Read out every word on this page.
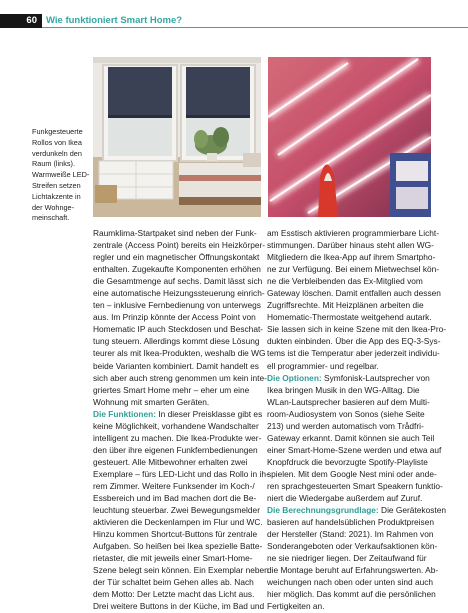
60 Wie funktioniert Smart Home?
Funkgesteuerte
Rollos von Ikea
verdunkeln den
Raum (links).
Warmweiße LED-
Streifen setzen
Lichtakzente in
der Wohnge-
meinschaft.
Raumklima-Startpaket sind neben der Funk-
zentrale (Access Point) bereits ein Heizkörper-
regler und ein magnetischer Öffnungskontakt
enthalten. Zugekaufte Komponenten erhöhen
die Gesamtmenge auf sechs. Damit lässt sich
eine automatische Heizungssteuerung einrich-
ten – inklusive Fernbedienung von unterwegs
aus. Im Prinzip könnte der Access Point von
Homematic IP auch Steckdosen und Beschat-
tung steuern. Allerdings kommt diese Lösung
teurer als mit Ikea-Produkten, weshalb die WG
beide Varianten kombiniert. Damit handelt es
sich aber auch streng genommen um kein inte-
griertes Smart Home mehr – eher um eine
Wohnung mit smarten Geräten.
Die Funktionen: In dieser Preisklasse gibt es
keine Möglichkeit, vorhandene Wandschalter
intelligent zu machen. Die Ikea-Produkte wer-
den über ihre eigenen Funkfernbedienungen
gesteuert. Alle Mitbewohner erhalten zwei
Exemplare – fürs LED-Licht und das Rollo in ih-
rem Zimmer. Weitere Funksender im Koch-/
Essbereich und im Bad machen dort die Be-
leuchtung steuerbar. Zwei Bewegungsmelder
aktivieren die Deckenlampen im Flur und WC.
Hinzu kommen Shortcut-Buttons für zentrale
Aufgaben. So heißen bei Ikea spezielle Batte-
rietaster, die mit jeweils einer Smart-Home-
Szene belegt sein können. Ein Exemplar neben
der Tür schaltet beim Gehen alles ab. Nach
dem Motto: Der Letzte macht das Licht aus.
Drei weitere Buttons in der Küche, im Bad und
am Esstisch aktivieren programmierbare Licht-
stimmungen. Darüber hinaus steht allen WG-
Mitgliedern die Ikea-App auf ihrem Smartpho-
ne zur Verfügung. Bei einem Mietwechsel kön-
ne die Verbleibenden das Ex-Mitglied vom
Gateway löschen. Damit entfallen auch dessen
Zugriffsrechte. Mit Heizplänen arbeiten die
Homematic-Thermostate weitgehend autark.
Sie lassen sich in keine Szene mit den Ikea-Pro-
dukten einbinden. Über die App des EQ-3-Sys-
tems ist die Temperatur aber jederzeit individu-
ell programmier- und regelbar.
Die Optionen: Symfonisk-Lautsprecher von
Ikea bringen Musik in den WG-Alltag. Die
WLan-Lautsprecher basieren auf dem Multi-
room-Audiosystem von Sonos (siehe Seite
213) und werden automatisch vom Trådfri-
Gateway erkannt. Damit können sie auch Teil
einer Smart-Home-Szene werden und etwa auf
Knopfdruck die bevorzugte Spotify-Playliste
spielen. Mit dem Google Nest mini oder ande-
ren sprachgesteuerten Smart Speakern funktio-
niert die Wiedergabe außerdem auf Zuruf.
Die Berechnungsgrundlage: Die Gerätekosten
basieren auf handelsüblichen Produktpreisen
der Hersteller (Stand: 2021). Im Rahmen von
Sonderangeboten oder Verkaufsaktionen kön-
ne sie niedriger liegen. Der Zeitaufwand für
die Montage beruht auf Erfahrungswerten. Ab-
weichungen nach oben oder unten sind auch
hier möglich. Das kommt auf die persönlichen
Fertigkeiten an.
